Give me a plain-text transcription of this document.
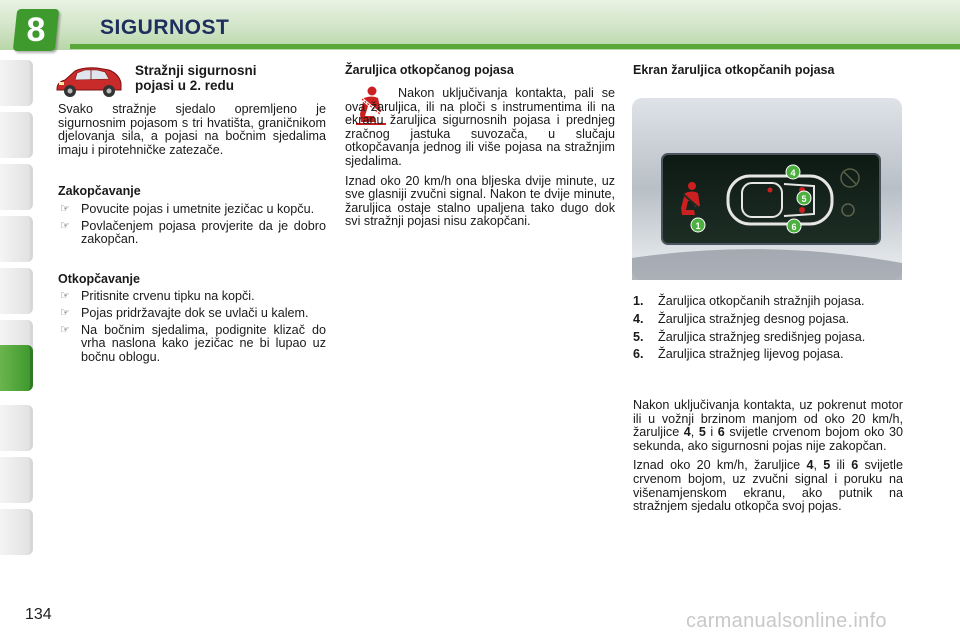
8	SIGURNOST
Stražnji sigurnosni
pojasi u 2. redu

Svako stražnje sjedalo opremljeno je sigurnosnim pojasom s tri hvatišta, graničnikom djelovanja sila, a pojasi na bočnim sjedalima imaju i pirotehničke zatezače.

Zakopčavanje

☞ Povucite pojas i umetnite jezičac u kopču.
☞ Povlačenjem pojasa provjerite da je dobro zakopčan.

Otkopčavanje

☞ Pritisnite crvenu tipku na kopči.
☞ Pojas pridržavajte dok se uvlači u kalem.
☞ Na bočnim sjedalima, podignite klizač do vrha naslona kako jezičac ne bi lupao uz bočnu oblogu.
Žaruljica otkopčanog pojasa

Nakon uključivanja kontakta, pali se ova žaruljica, ili na ploči s instrumentima ili na ekranu žaruljica sigurnosnih pojasa i prednjeg zračnog jastuka suvozača, u slučaju otkopčavanja jednog ili više pojasa na stražnjim sjedalima.

Iznad oko 20 km/h ona bljeska dvije minute, uz sve glasniji zvučni signal. Nakon te dvije minute, žaruljica ostaje stalno upaljena tako dugo dok svi stražnji pojasi nisu zakopčani.

Ekran žaruljica otkopčanih pojasa
4
5
1	6
1. Žaruljica otkopčanih stražnjih pojasa.
4. Žaruljica stražnjeg desnog pojasa.
5. Žaruljica stražnjeg središnjeg pojasa.
6. Žaruljica stražnjeg lijevog pojasa.

Nakon uključivanja kontakta, uz pokrenut motor ili u vožnji brzinom manjom od oko 20 km/h, žaruljice 4, 5 i 6 svijetle crvenom bojom oko 30 sekunda, ako sigurnosni pojas nije zakopčan.

Iznad oko 20 km/h, žaruljice 4, 5 ili 6 svijetle crvenom bojom, uz zvučni signal i poruku na višenamjenskom ekranu, ako putnik na stražnjem sjedalu otkopča svoj pojas.

134	carmanualsonline.info
